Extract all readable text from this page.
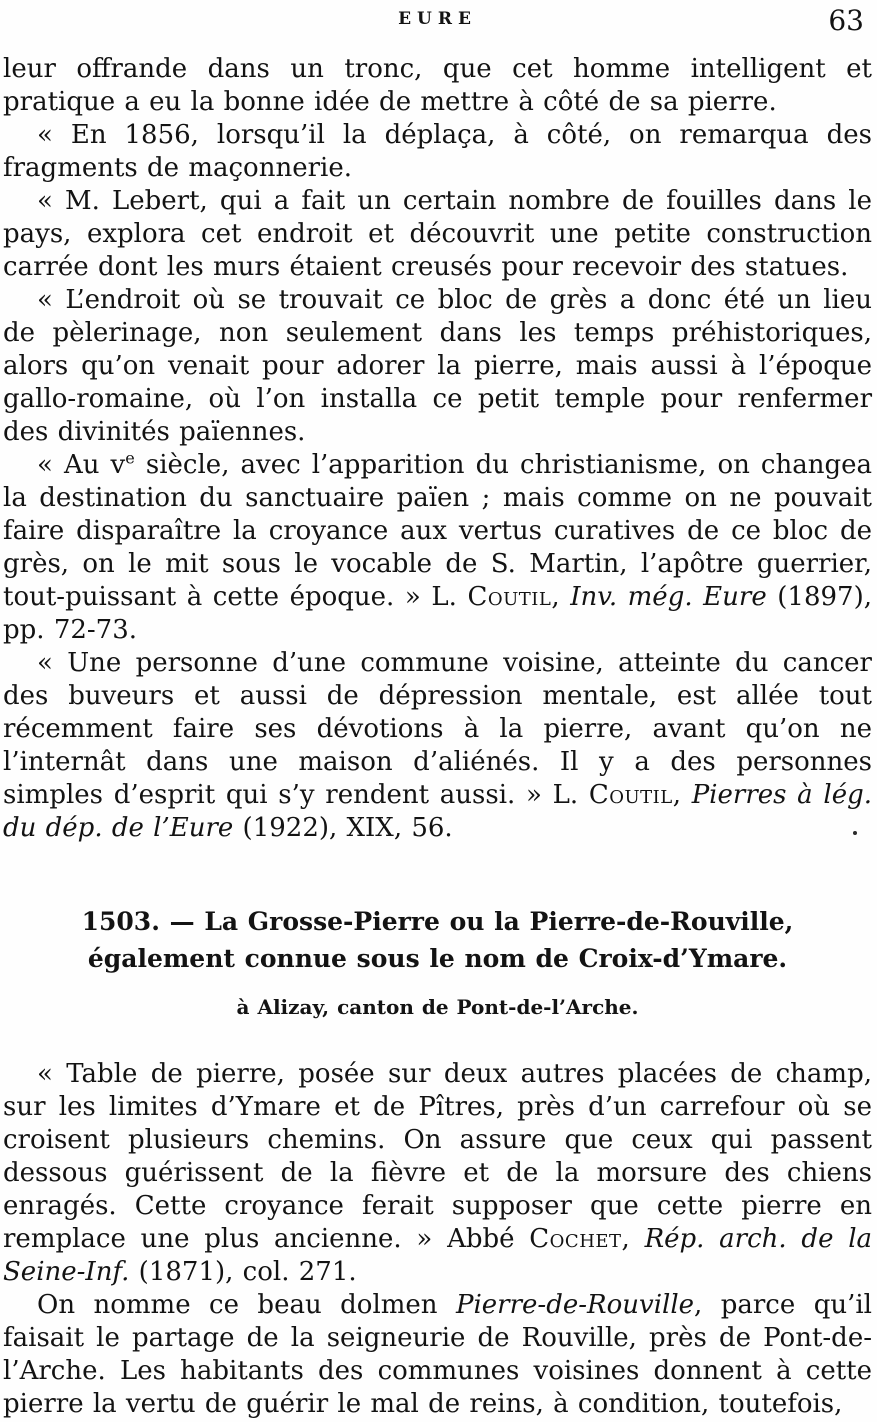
EURE	63

leur offrande dans un tronc, que cet homme intelligent et pratique a eu la bonne idée de mettre à côté de sa pierre.

« En 1856, lorsqu’il la déplaça, à côté, on remarqua des fragments de maçonnerie.

« M. Lebert, qui a fait un certain nombre de fouilles dans le pays, explora cet endroit et découvrit une petite construction carrée dont les murs étaient creusés pour recevoir des statues.

« L’endroit où se trouvait ce bloc de grès a donc été un lieu de pèlerinage, non seulement dans les temps préhistoriques, alors qu’on venait pour adorer la pierre, mais aussi à l’époque gallo-romaine, où l’on installa ce petit temple pour renfermer des divinités païennes.

« Au $v^e$ siècle, avec l’apparition du christianisme, on changea la destination du sanctuaire païen ; mais comme on ne pouvait faire disparaître la croyance aux vertus curatives de ce bloc de grès, on le mit sous le vocable de S. Martin, l’apôtre guerrier, tout-puissant à cette époque. » L. Coutil, Inv. még. Eure (1897), pp. 72-73.

« Une personne d’une commune voisine, atteinte du cancer des buveurs et aussi de dépression mentale, est allée tout récemment faire ses dévotions à la pierre, avant qu’on ne l’internât dans une maison d’aliénés. Il y a des personnes simples d’esprit qui s’y rendent aussi. » L. Coutil, Pierres à lég. du dép. de l’Eure (1922), XIX, 56.

1503. — La Grosse-Pierre ou la Pierre-de-Rouville, également connue sous le nom de Croix-d’Ymare.

à Alizay, canton de Pont-de-l’Arche.

« Table de pierre, posée sur deux autres placées de champ, sur les limites d’Ymare et de Pîtres, près d’un carrefour où se croisent plusieurs chemins. On assure que ceux qui passent dessous guérissent de la fièvre et de la morsure des chiens enragés. Cette croyance ferait supposer que cette pierre en remplace une plus ancienne. » Abbé Cochet, Rép. arch. de la Seine-Inf. (1871), col. 271.

On nomme ce beau dolmen Pierre-de-Rouville, parce qu’il faisait le partage de la seigneurie de Rouville, près de Pont-de-l’Arche. Les habitants des communes voisines donnent à cette pierre la vertu de guérir le mal de reins, à condition, toutefois,
